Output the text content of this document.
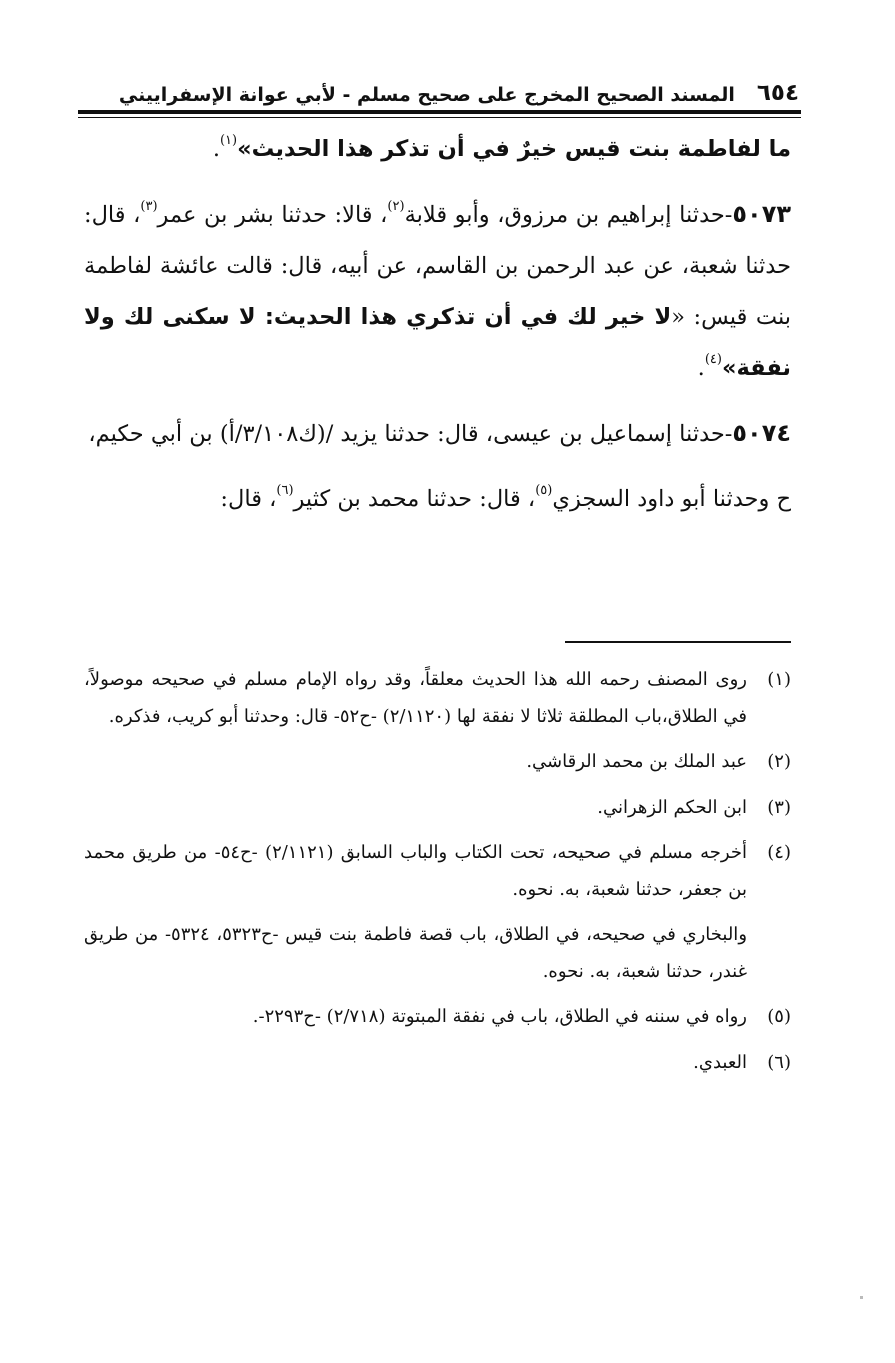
٦٥٤
المسند الصحيح المخرج على صحيح مسلم - لأبي عوانة الإسفراييني

ما لفاطمة بنت قيس خيرٌ في أن تذكر هذا الحديث»$^{(١)}$.

٥٠٧٣-حدثنا إبراهيم بن مرزوق، وأبو قلابة$^{(٢)}$، قالا: حدثنا بشر بن عمر$^{(٣)}$، قال: حدثنا شعبة، عن عبد الرحمن بن القاسم، عن أبيه، قال: قالت عائشة لفاطمة بنت قيس: «لا خير لك في أن تذكري هذا الحديث: لا سكنى لك ولا نفقة»$^{(٤)}$.

٥٠٧٤-حدثنا إسماعيل بن عيسى، قال: حدثنا يزيد /(ك٣/١٠٨/أ) بن أبي حكيم،

ح وحدثنا أبو داود السجزي$^{(٥)}$، قال: حدثنا محمد بن كثير$^{(٦)}$، قال:

(١)روى المصنف رحمه الله هذا الحديث معلقاً، وقد رواه الإمام مسلم في صحيحه موصولاً، في الطلاق،باب المطلقة ثلاثا لا نفقة لها (٢/١١٢٠) -ح٥٢- قال: وحدثنا أبو كريب، فذكره.

(٢)عبد الملك بن محمد الرقاشي.

(٣)ابن الحكم الزهراني.

(٤)أخرجه مسلم في صحيحه، تحت الكتاب والباب السابق (٢/١١٢١) -ح٥٤- من طريق محمد بن جعفر، حدثنا شعبة، به. نحوه.

والبخاري في صحيحه، في الطلاق، باب قصة فاطمة بنت قيس -ح٥٣٢٣، ٥٣٢٤- من طريق غندر، حدثنا شعبة، به. نحوه.

(٥)رواه في سننه في الطلاق، باب في نفقة المبتوتة (٢/٧١٨) -ح٢٢٩٣-.

(٦)العبدي.
